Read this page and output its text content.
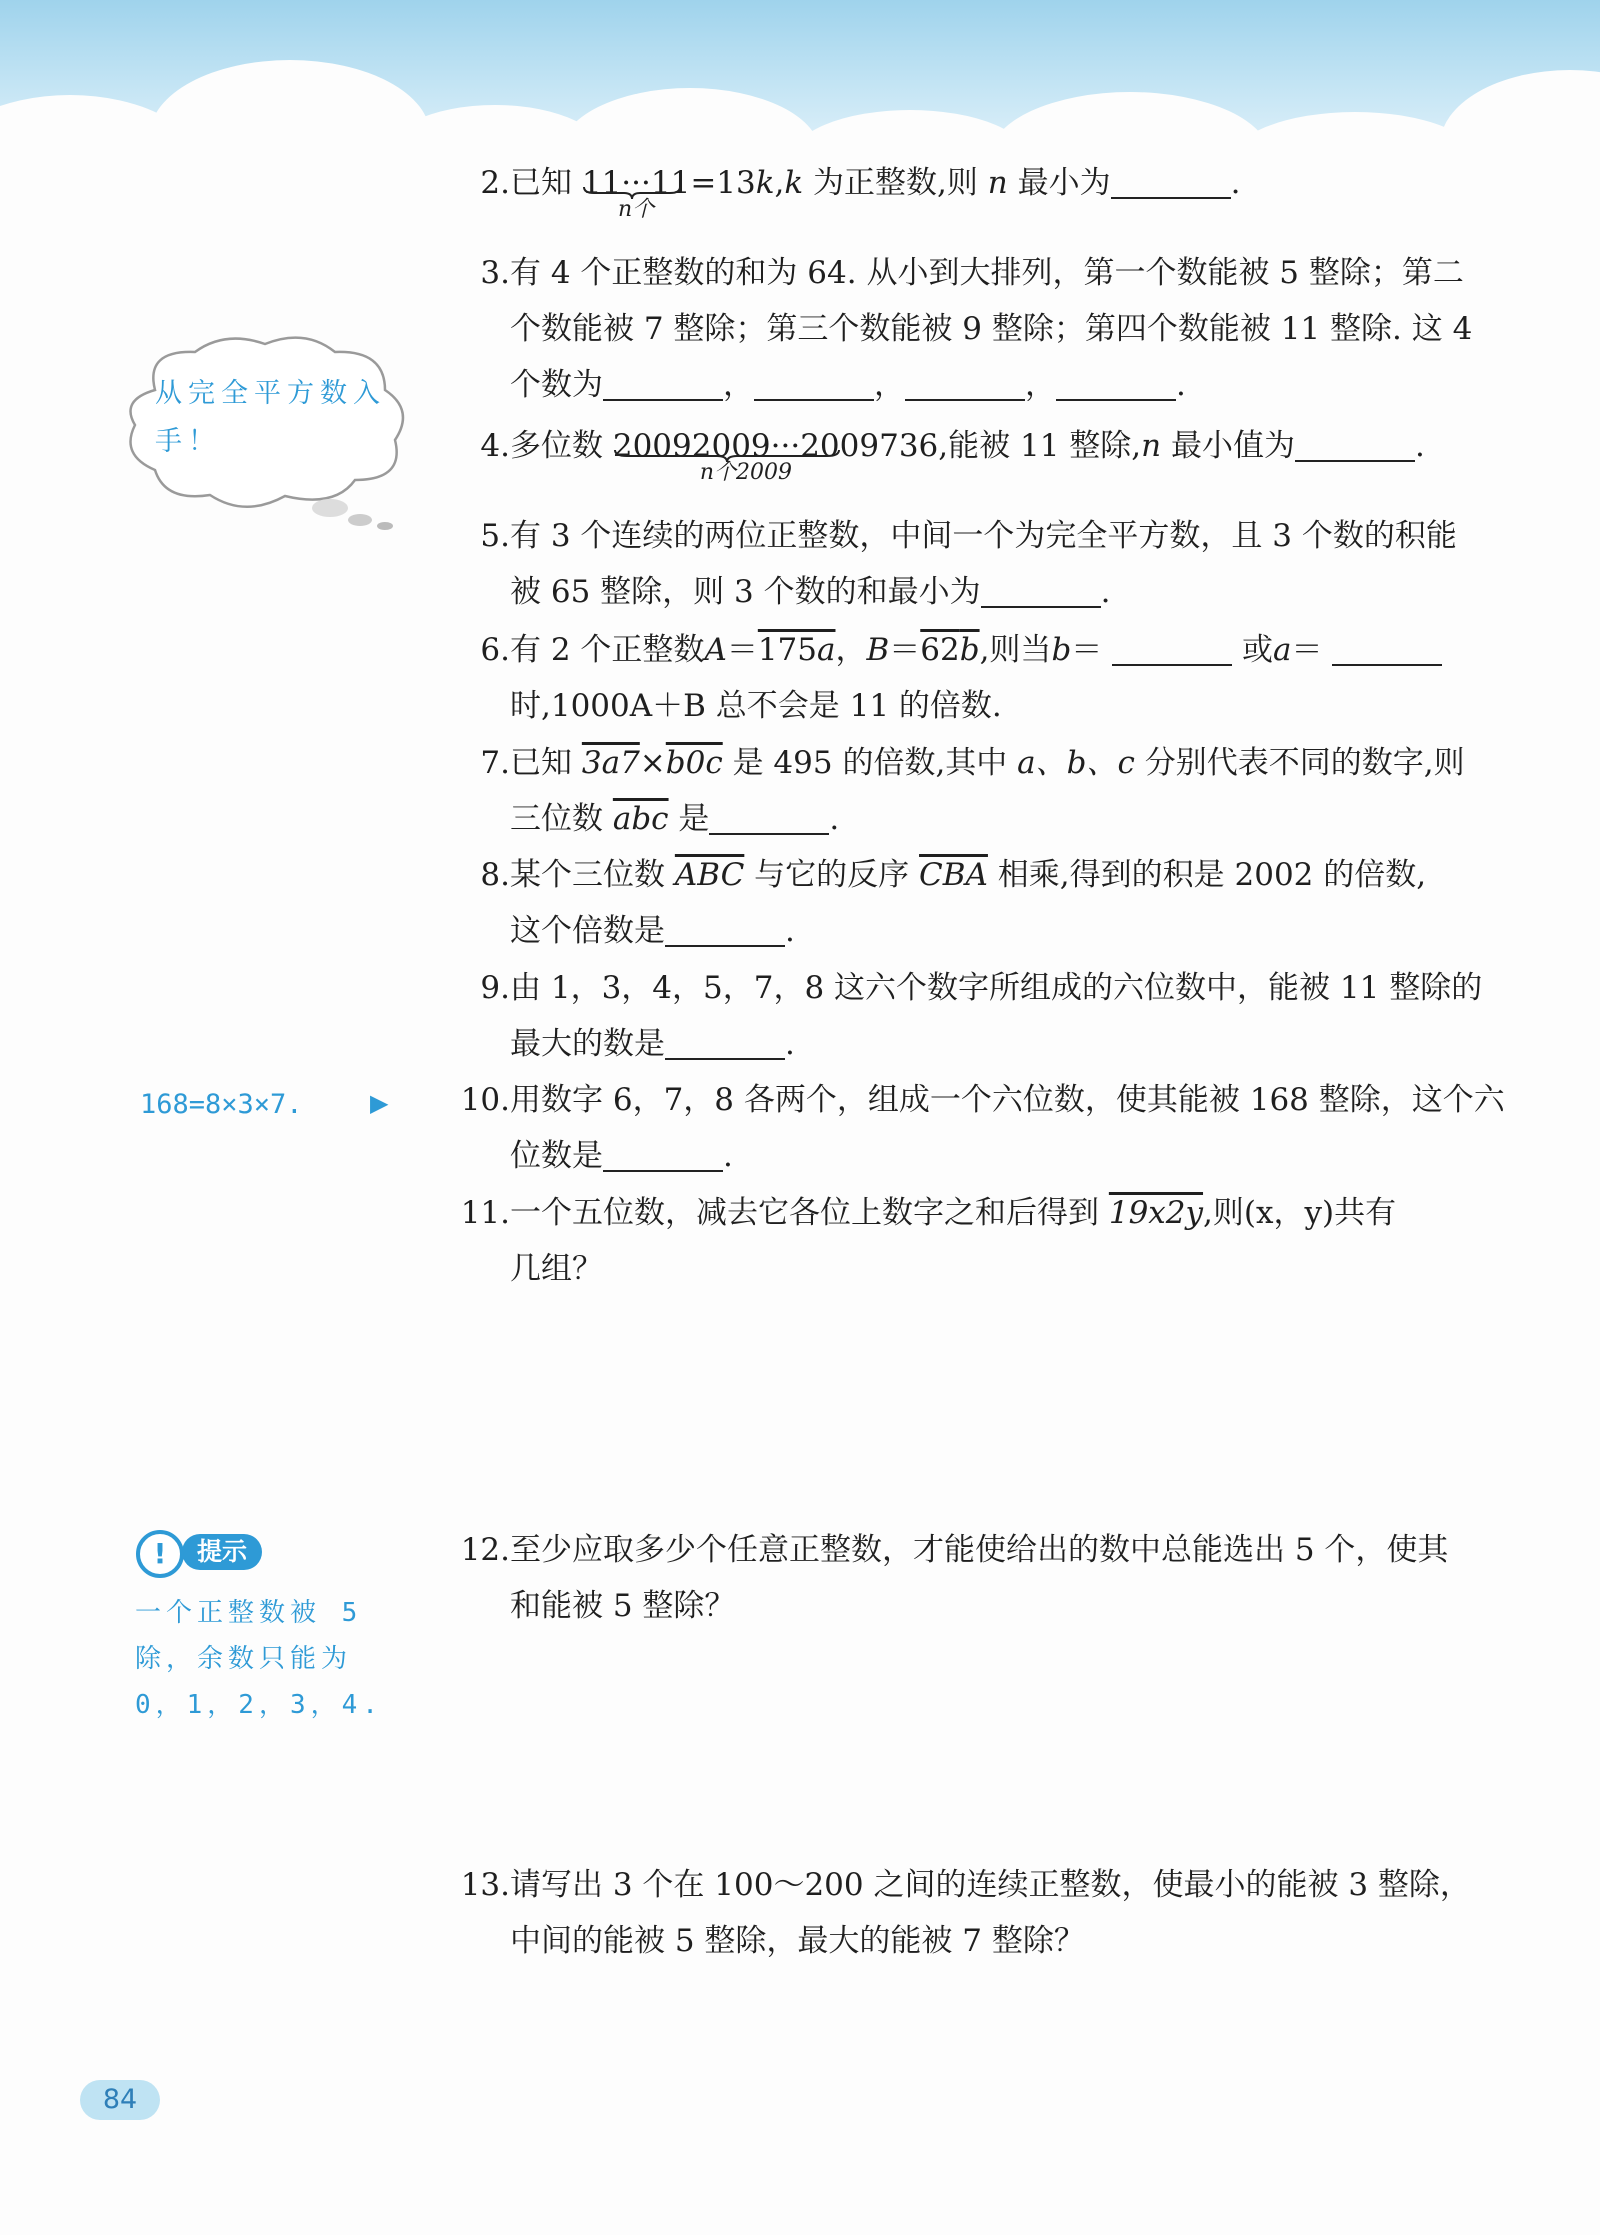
从完全平方数入手！
2. 已知 11···11
n个
=13k,k 为正整数,则 n 最小为	.
3. 有 4 个正整数的和为 64. 从小到大排列，第一个数能被 5 整除；第二
个数能被 7 整除；第三个数能被 9 整除；第四个数能被 11 整除. 这 4
个数为	，	，	，	.
4. 多位数 20092009···2009
n个2009
736,能被 11 整除,n 最小值为	.
5. 有 3 个连续的两位正整数，中间一个为完全平方数，且 3 个数的积能
被 65 整除，则 3 个数的和最小为	.
6. 有 2 个正整数A＝175a，B＝62b,则当b＝	或a＝
时,1000A＋B 总不会是 11 的倍数.
7. 已知 3a7×b0c 是 495 的倍数,其中 a、b、c 分别代表不同的数字,则
三位数 $\overline{abc}$ 是	.
8. 某个三位数 $\overline{ABC}$ 与它的反序 $\overline{CBA}$ 相乘,得到的积是 2002 的倍数,
这个倍数是	.
9. 由 1，3，4，5，7，8 这六个数字所组成的六位数中，能被 11 整除的
最大的数是	.
168=8×3×7.	▶	10. 用数字 6，7，8 各两个，组成一个六位数，使其能被 168 整除，这个六
位数是	.
11. 一个五位数，减去它各位上数字之和后得到 19x2y,则(x，y)共有
几组？
!	提示
一个正整数被 5 除，余数只能为 0，1，2，3，4.
12. 至少应取多少个任意正整数，才能使给出的数中总能选出 5 个，使其
和能被 5 整除？
13. 请写出 3 个在 100～200 之间的连续正整数，使最小的能被 3 整除，
中间的能被 5 整除，最大的能被 7 整除？
84
